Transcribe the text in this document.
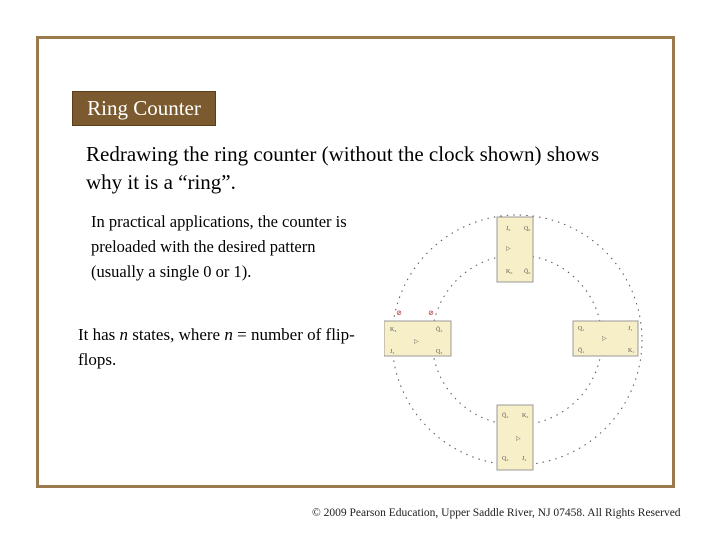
Ring Counter
Redrawing the ring counter (without the clock shown) shows why it is a “ring”.
In practical applications, the counter is preloaded with the desired pattern (usually a single 0 or 1).
It has n states, where n = number of flip-flops.
J₀ Q₀
▷
K₀ Q̄₀
Q₁	J₁
▷
Q̄₁	K₁
Q̄₂ K₂
▷
Q₂ J₂
K₃	Q̄₃
▷
J₃	Q₃
⊘	⊘
© 2009 Pearson Education, Upper Saddle River, NJ 07458. All Rights Reserved
